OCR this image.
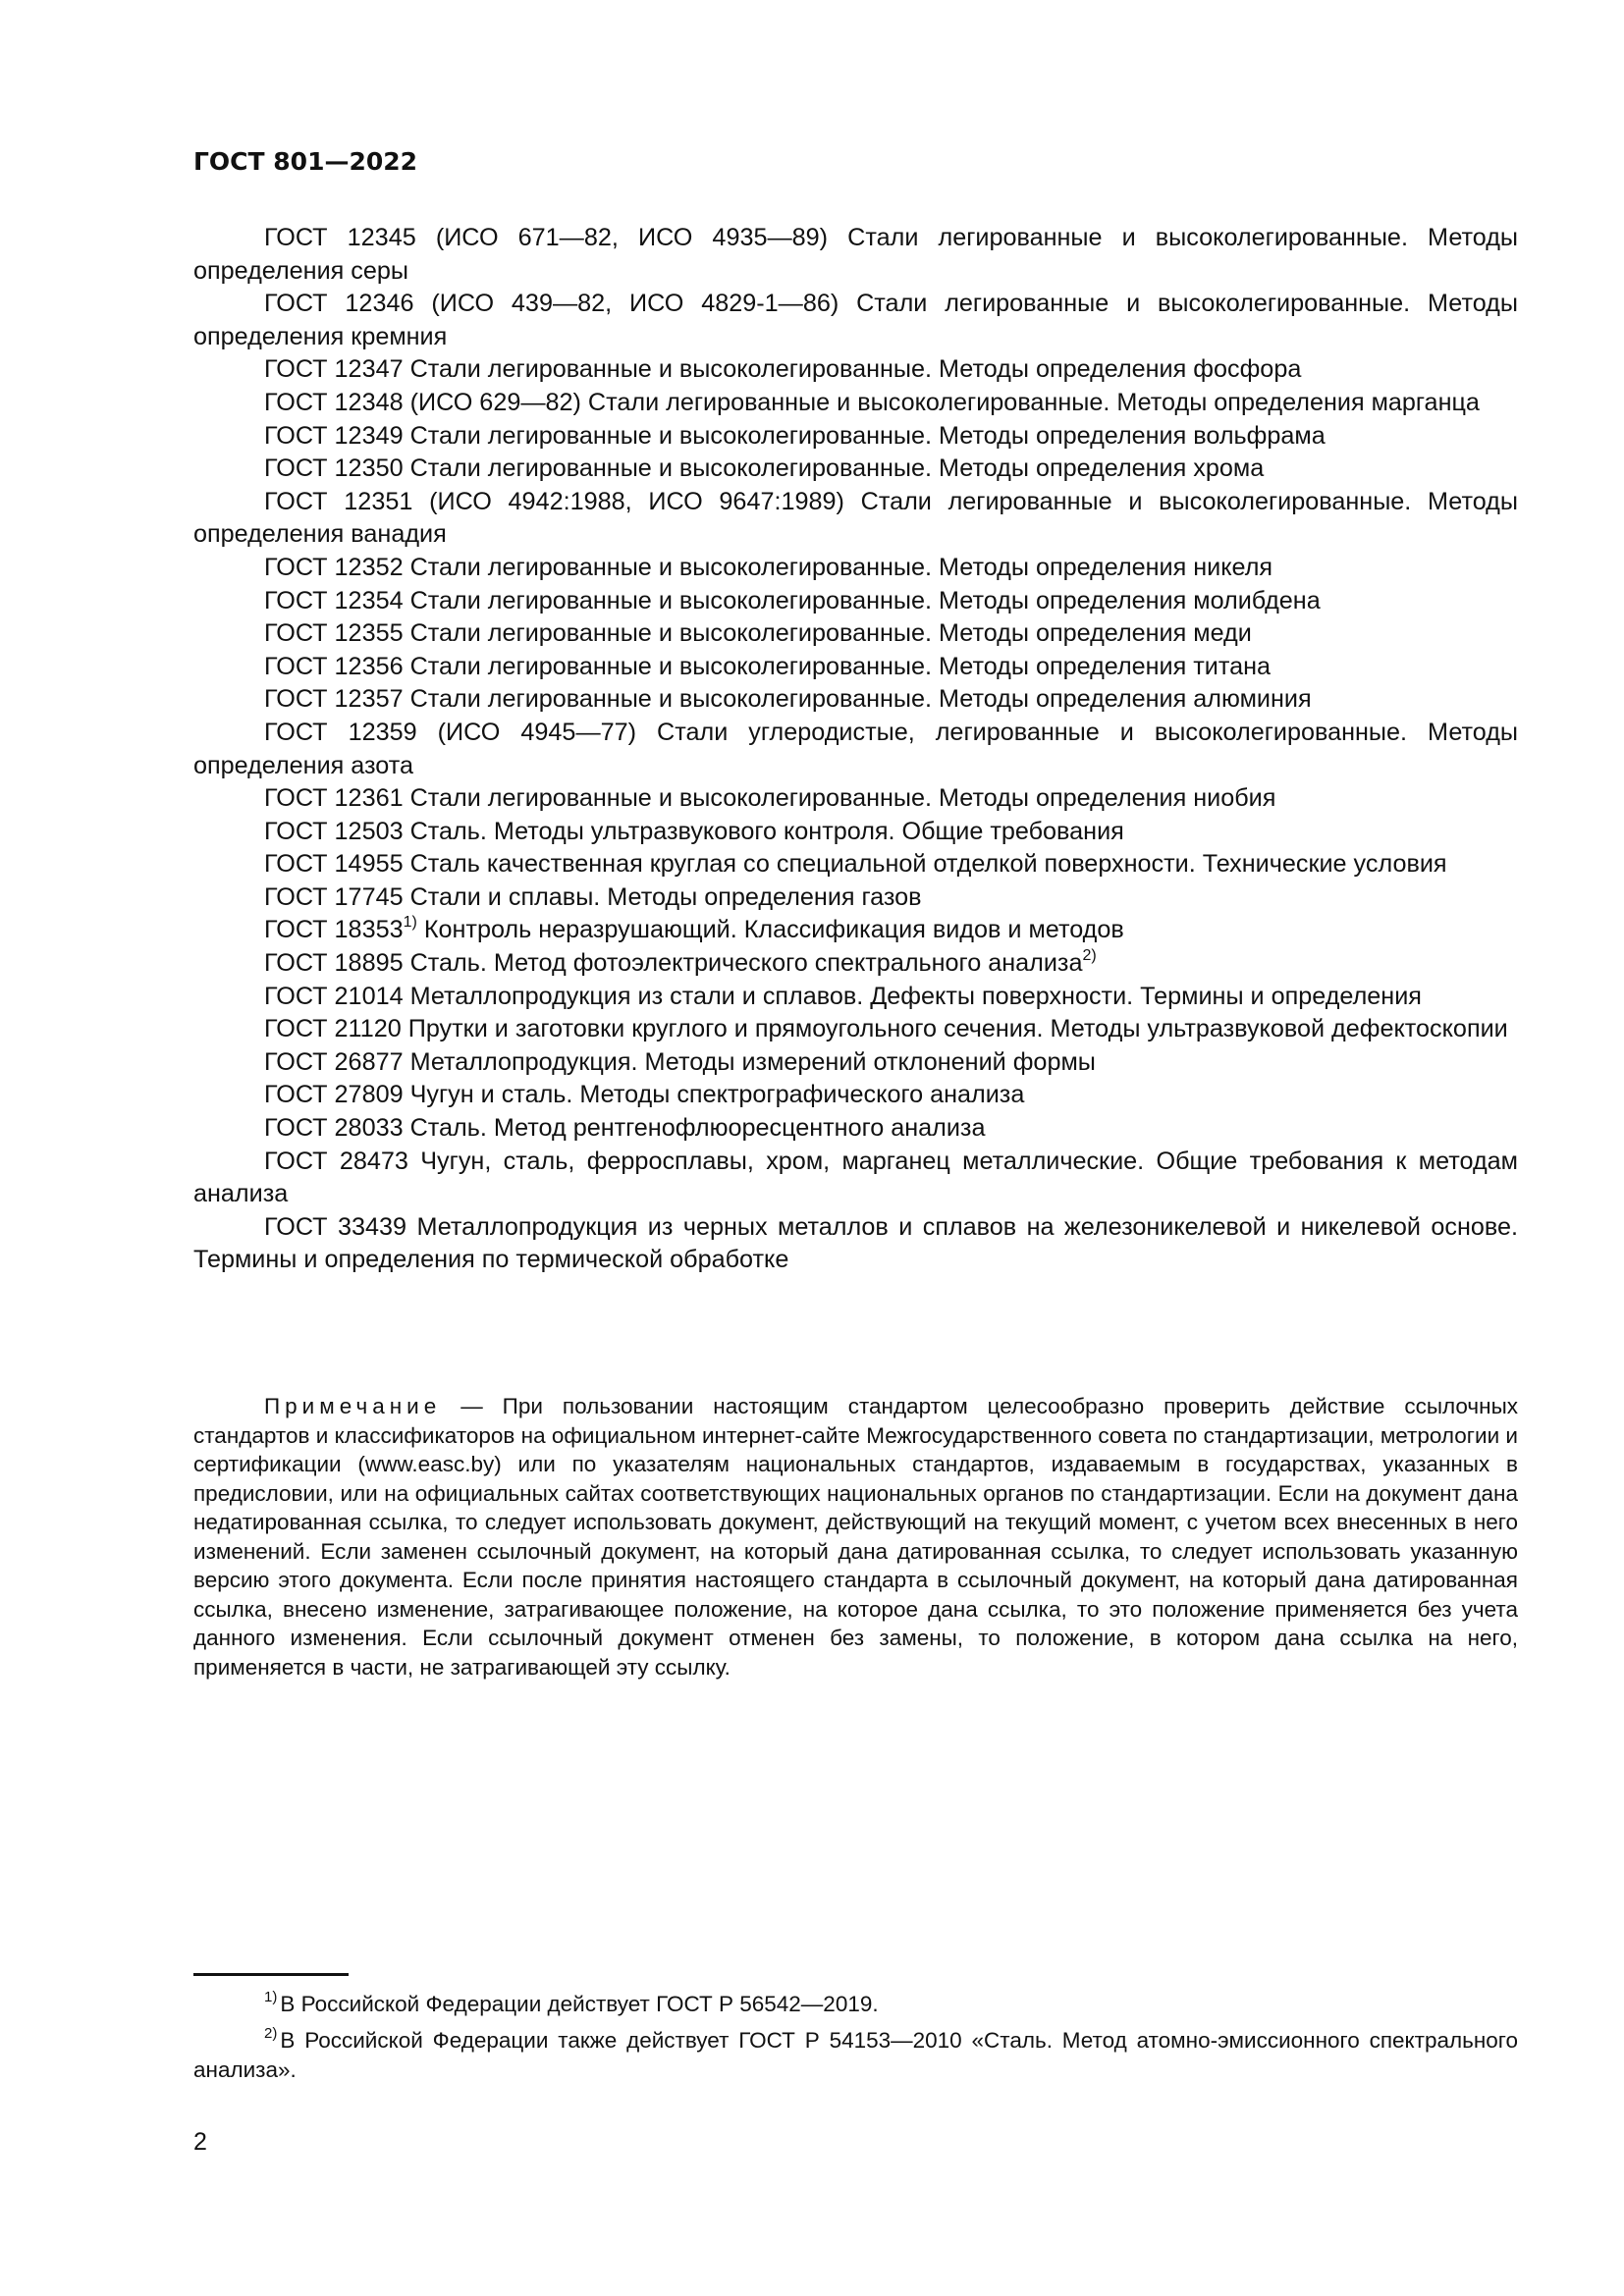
ГОСТ 801—2022

ГОСТ 12345 (ИСО 671—82, ИСО 4935—89) Стали легированные и высоколегированные. Методы определения серы

ГОСТ 12346 (ИСО 439—82, ИСО 4829-1—86) Стали легированные и высоколегированные. Методы определения кремния

ГОСТ 12347 Стали легированные и высоколегированные. Методы определения фосфора

ГОСТ 12348 (ИСО 629—82) Стали легированные и высоколегированные. Методы определения марганца

ГОСТ 12349 Стали легированные и высоколегированные. Методы определения вольфрама

ГОСТ 12350 Стали легированные и высоколегированные. Методы определения хрома

ГОСТ 12351 (ИСО 4942:1988, ИСО 9647:1989) Стали легированные и высоколегированные. Методы определения ванадия

ГОСТ 12352 Стали легированные и высоколегированные. Методы определения никеля

ГОСТ 12354 Стали легированные и высоколегированные. Методы определения молибдена

ГОСТ 12355 Стали легированные и высоколегированные. Методы определения меди

ГОСТ 12356 Стали легированные и высоколегированные. Методы определения титана

ГОСТ 12357 Стали легированные и высоколегированные. Методы определения алюминия

ГОСТ 12359 (ИСО 4945—77) Стали углеродистые, легированные и высоколегированные. Методы определения азота

ГОСТ 12361 Стали легированные и высоколегированные. Методы определения ниобия

ГОСТ 12503 Сталь. Методы ультразвукового контроля. Общие требования

ГОСТ 14955 Сталь качественная круглая со специальной отделкой поверхности. Технические условия

ГОСТ 17745 Стали и сплавы. Методы определения газов

ГОСТ 18353$^{1)}$ Контроль неразрушающий. Классификация видов и методов

ГОСТ 18895 Сталь. Метод фотоэлектрического спектрального анализа$^{2)}$

ГОСТ 21014 Металлопродукция из стали и сплавов. Дефекты поверхности. Термины и определения

ГОСТ 21120 Прутки и заготовки круглого и прямоугольного сечения. Методы ультразвуковой дефектоскопии

ГОСТ 26877 Металлопродукция. Методы измерений отклонений формы

ГОСТ 27809 Чугун и сталь. Методы спектрографического анализа

ГОСТ 28033 Сталь. Метод рентгенофлюоресцентного анализа

ГОСТ 28473 Чугун, сталь, ферросплавы, хром, марганец металлические. Общие требования к методам анализа

ГОСТ 33439 Металлопродукция из черных металлов и сплавов на железоникелевой и никелевой основе. Термины и определения по термической обработке

Примечание — При пользовании настоящим стандартом целесообразно проверить действие ссылочных стандартов и классификаторов на официальном интернет-сайте Межгосударственного совета по стандартизации, метрологии и сертификации (www.easc.by) или по указателям национальных стандартов, издаваемым в государствах, указанных в предисловии, или на официальных сайтах соответствующих национальных органов по стандартизации. Если на документ дана недатированная ссылка, то следует использовать документ, действующий на текущий момент, с учетом всех внесенных в него изменений. Если заменен ссылочный документ, на который дана датированная ссылка, то следует использовать указанную версию этого документа. Если после принятия настоящего стандарта в ссылочный документ, на который дана датированная ссылка, внесено изменение, затрагивающее положение, на которое дана ссылка, то это положение применяется без учета данного изменения. Если ссылочный документ отменен без замены, то положение, в котором дана ссылка на него, применяется в части, не затрагивающей эту ссылку.

$^{1)}$ В Российской Федерации действует ГОСТ Р 56542—2019.

$^{2)}$ В Российской Федерации также действует ГОСТ Р 54153—2010 «Сталь. Метод атомно-эмиссионного спектрального анализа».

2
